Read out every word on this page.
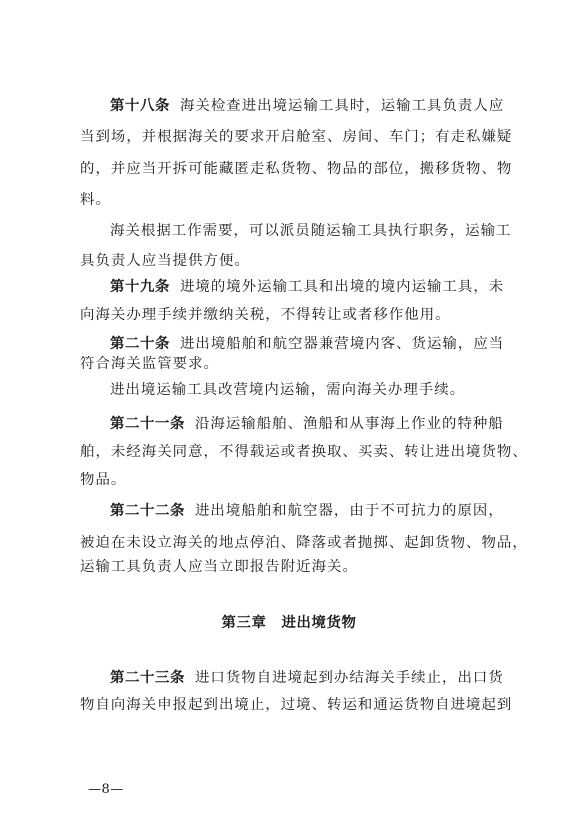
第十八条 海关检查进出境运输工具时，运输工具负责人应
当到场，并根据海关的要求开启舱室、房间、车门；有走私嫌疑
的，并应当开拆可能藏匿走私货物、物品的部位，搬移货物、物
料。
海关根据工作需要，可以派员随运输工具执行职务，运输工
具负责人应当提供方便。
第十九条 进境的境外运输工具和出境的境内运输工具，未
向海关办理手续并缴纳关税，不得转让或者移作他用。
第二十条 进出境船舶和航空器兼营境内客、货运输，应当
符合海关监管要求。
进出境运输工具改营境内运输，需向海关办理手续。
第二十一条 沿海运输船舶、渔船和从事海上作业的特种船
舶，未经海关同意，不得载运或者换取、买卖、转让进出境货物、
物品。
第二十二条 进出境船舶和航空器，由于不可抗力的原因，
被迫在未设立海关的地点停泊、降落或者抛掷、起卸货物、物品，
运输工具负责人应当立即报告附近海关。
第三章　进出境货物
第二十三条 进口货物自进境起到办结海关手续止，出口货
物自向海关申报起到出境止，过境、转运和通运货物自进境起到
—8—
